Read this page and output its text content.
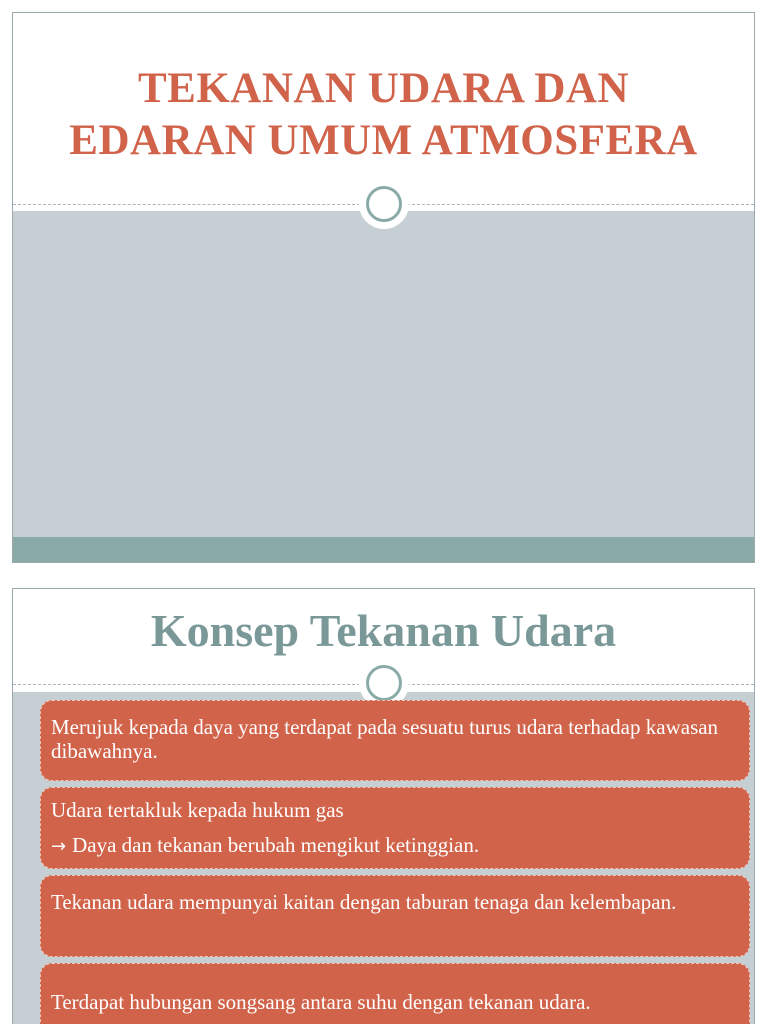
TEKANAN UDARA DAN
EDARAN UMUM ATMOSFERA
Konsep Tekanan Udara
Merujuk kepada daya yang terdapat pada sesuatu turus udara terhadap kawasan dibawahnya.
Udara tertakluk kepada hukum gas
→ Daya dan tekanan berubah mengikut ketinggian.
Tekanan udara mempunyai kaitan dengan taburan tenaga dan kelembapan.
Terdapat hubungan songsang antara suhu dengan tekanan udara.
